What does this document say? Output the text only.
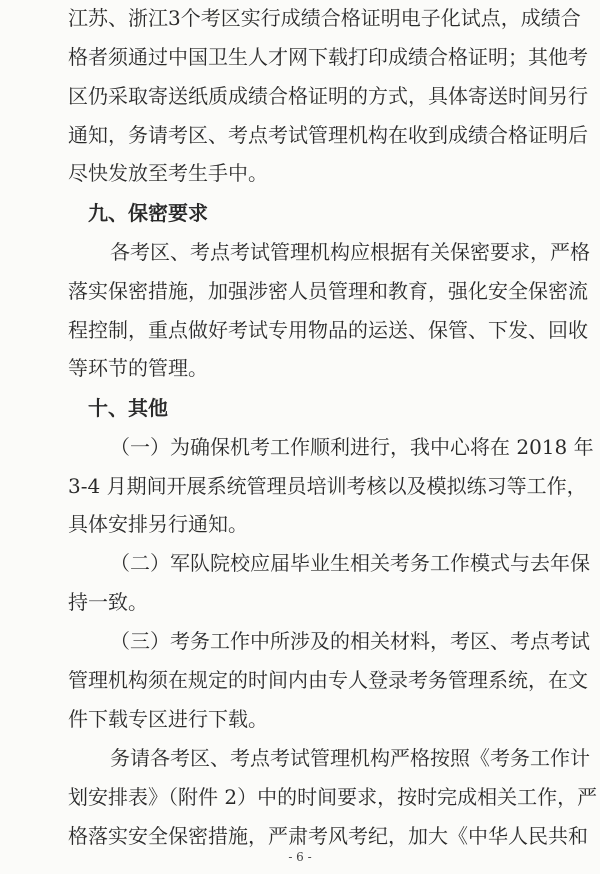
江苏、浙江3个考区实行成绩合格证明电子化试点，成绩合
格者须通过中国卫生人才网下载打印成绩合格证明；其他考
区仍采取寄送纸质成绩合格证明的方式，具体寄送时间另行
通知，务请考区、考点考试管理机构在收到成绩合格证明后
尽快发放至考生手中。
九、保密要求
各考区、考点考试管理机构应根据有关保密要求，严格
落实保密措施，加强涉密人员管理和教育，强化安全保密流
程控制，重点做好考试专用物品的运送、保管、下发、回收
等环节的管理。
十、其他
（一）为确保机考工作顺利进行，我中心将在 2018 年
3-4 月期间开展系统管理员培训考核以及模拟练习等工作，
具体安排另行通知。
（二）军队院校应届毕业生相关考务工作模式与去年保
持一致。
（三）考务工作中所涉及的相关材料，考区、考点考试
管理机构须在规定的时间内由专人登录考务管理系统，在文
件下载专区进行下载。
务请各考区、考点考试管理机构严格按照《考务工作计
划安排表》（附件 2）中的时间要求，按时完成相关工作，严
格落实安全保密措施，严肃考风考纪，加大《中华人民共和
- 6 -
